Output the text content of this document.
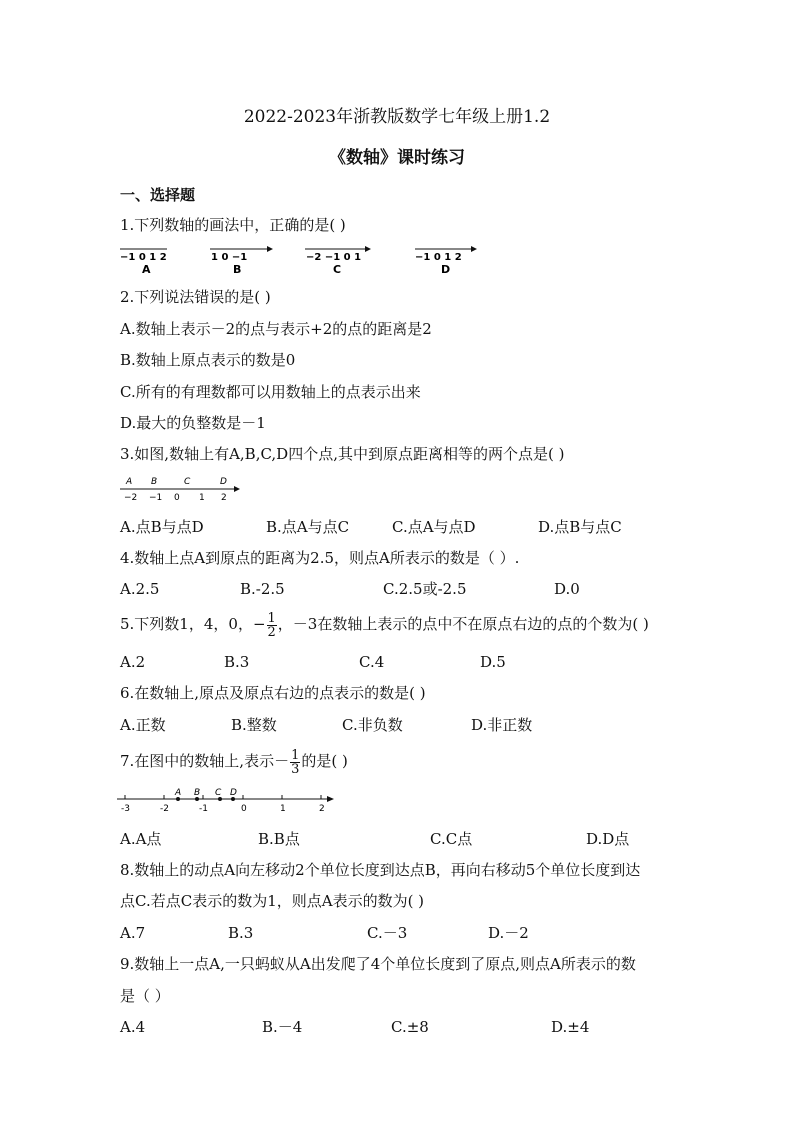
2022-2023年浙教版数学七年级上册1.2
《数轴》课时练习
一、选择题
1.下列数轴的画法中，正确的是( )
−1 0 1 2
A
1 0 −1
B
−2 −1 0 1
C
−1 0 1 2
D
2.下列说法错误的是( )
A.数轴上表示－2的点与表示+2的点的距离是2
B.数轴上原点表示的数是0
C.所有的有理数都可以用数轴上的点表示出来
D.最大的负整数是－1
3.如图,数轴上有A,B,C,D四个点,其中到原点距离相等的两个点是( )
A B	C	D
−2 −1 0 1 2
A.点B与点D	B.点A与点C	C.点A与点D	D.点B与点C
4.数轴上点A到原点的距离为2.5，则点A所表示的数是（ ）.
A.2.5	B.-2.5	C.2.5或-2.5	D.0
5.下列数1，4，0，− $\frac{1}{2}$ ，－3在数轴上表示的点中不在原点右边的点的个数为( )
A.2	B.3	C.4	D.5
6.在数轴上,原点及原点右边的点表示的数是( )
A.正数	B.整数	C.非负数	D.非正数
7.在图中的数轴上,表示－ $\frac{1}{3}$ 的是( )
A B C D
-3	-2	-1	0	1	2
A.A点	B.B点	C.C点	D.D点
8.数轴上的动点A向左移动2个单位长度到达点B，再向右移动5个单位长度到达
点C.若点C表示的数为1，则点A表示的数为( )
A.7	B.3	C.－3	D.－2
9.数轴上一点A,一只蚂蚁从A出发爬了4个单位长度到了原点,则点A所表示的数
是（ ）
A.4	B.－4	C.±8	D.±4
